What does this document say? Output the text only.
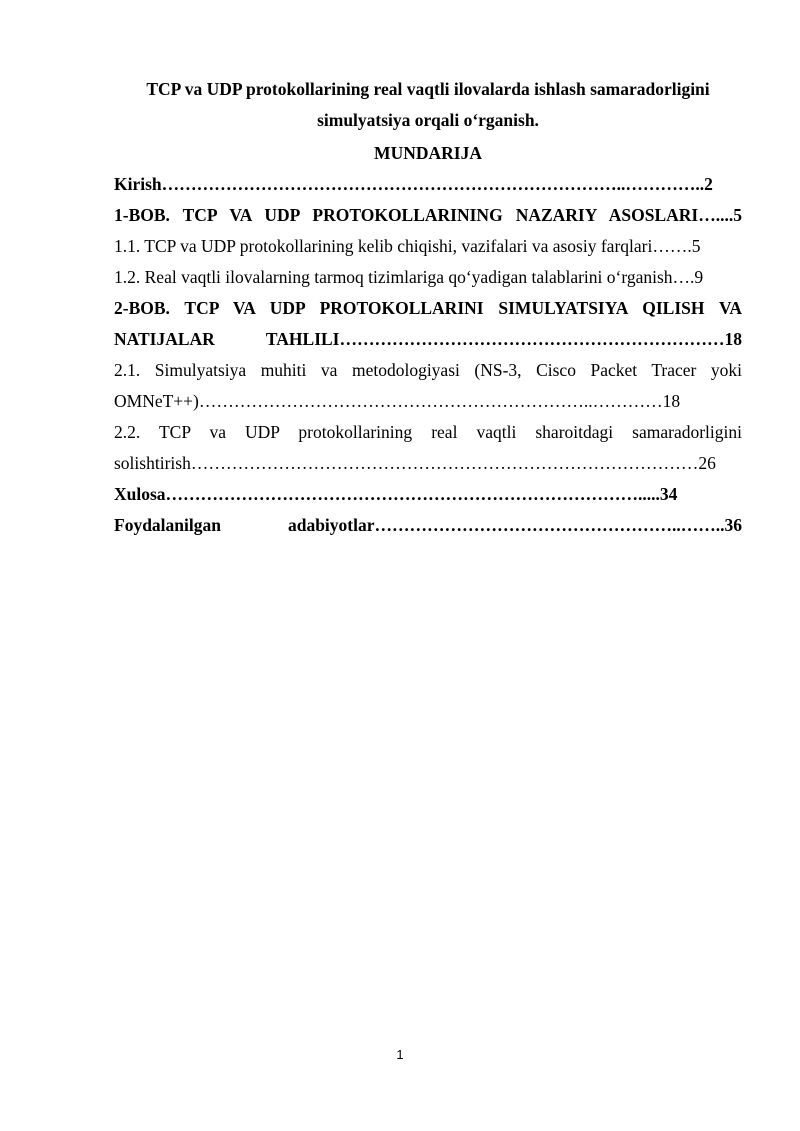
TCP va UDP protokollarining real vaqtli ilovalarda ishlash samaradorligini simulyatsiya orqali o‘rganish.
MUNDARIJA
Kirish……………………………………………………………………..…………..2
1-BOB. TCP VA UDP PROTOKOLLARINING NAZARIY ASOSLARI…....5
1.1. TCP va UDP protokollarining kelib chiqishi, vazifalari va asosiy farqlari…….5
1.2. Real vaqtli ilovalarning tarmoq tizimlariga qo‘yadigan talablarini o‘rganish….9
2-BOB. TCP VA UDP PROTOKOLLARINI SIMULYATSIYA QILISH VA NATIJALAR TAHLILI…………………………………………………………18
2.1. Simulyatsiya muhiti va metodologiyasi (NS-3, Cisco Packet Tracer yoki OMNeT++)…………………………………………………………..…………18
2.2. TCP va UDP protokollarining real vaqtli sharoitdagi samaradorligini solishtirish……………………………………………………………………………26
Xulosa……………………………………………………………………….....34
Foydalanilgan adabiyotlar……………………………………………..……..36
1
